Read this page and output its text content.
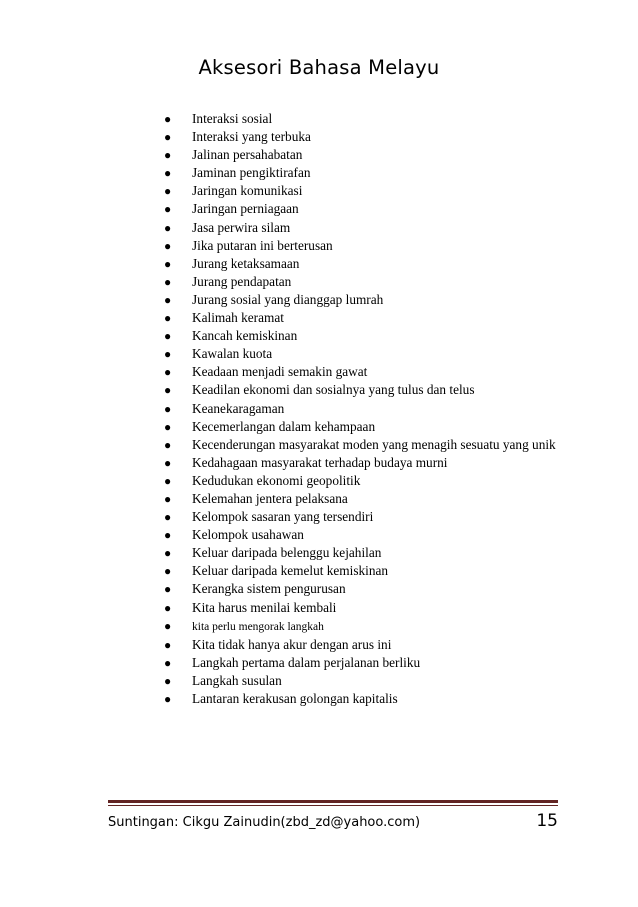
Aksesori Bahasa Melayu
● Interaksi sosial
● Interaksi yang terbuka
● Jalinan persahabatan
● Jaminan pengiktirafan
● Jaringan komunikasi
● Jaringan perniagaan
● Jasa perwira silam
● Jika putaran ini berterusan
● Jurang ketaksamaan
● Jurang pendapatan
● Jurang sosial yang dianggap lumrah
● Kalimah keramat
● Kancah kemiskinan
● Kawalan kuota
● Keadaan menjadi semakin gawat
● Keadilan ekonomi dan sosialnya yang tulus dan telus
● Keanekaragaman
● Kecemerlangan dalam kehampaan
● Kecenderungan masyarakat moden yang menagih sesuatu yang unik
● Kedahagaan masyarakat terhadap budaya murni
● Kedudukan ekonomi geopolitik
● Kelemahan jentera pelaksana
● Kelompok sasaran yang tersendiri
● Kelompok usahawan
● Keluar daripada belenggu kejahilan
● Keluar daripada kemelut kemiskinan
● Kerangka sistem pengurusan
● Kita harus menilai kembali
● kita perlu mengorak langkah
● Kita tidak hanya akur dengan arus ini
● Langkah pertama dalam perjalanan berliku
● Langkah susulan
● Lantaran kerakusan golongan kapitalis
Suntingan: Cikgu Zainudin(zbd_zd@yahoo.com)	15
